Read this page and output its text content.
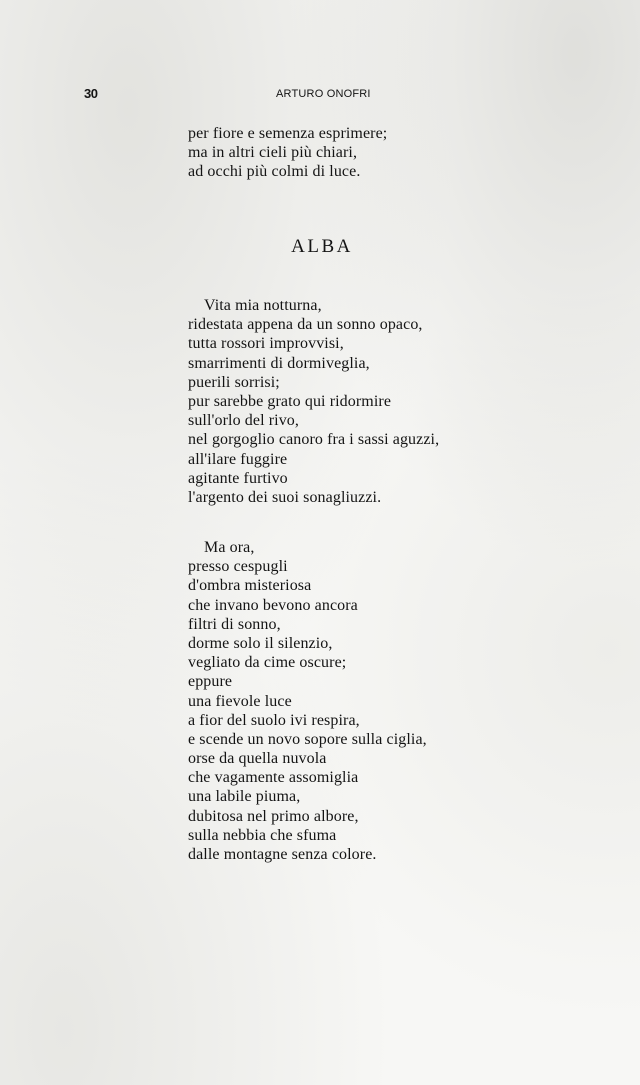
30	ARTURO ONOFRI
per fiore e semenza esprimere;
ma in altri cieli più chiari,
ad occhi più colmi di luce.
ALBA
Vita mia notturna,
ridestata appena da un sonno opaco,
tutta rossori improvvisi,
smarrimenti di dormiveglia,
puerili sorrisi;
pur sarebbe grato qui ridormire
sull'orlo del rivo,
nel gorgoglio canoro fra i sassi aguzzi,
all'ilare fuggire
agitante furtivo
l'argento dei suoi sonagliuzzi.
Ma ora,
presso cespugli
d'ombra misteriosa
che invano bevono ancora
filtri di sonno,
dorme solo il silenzio,
vegliato da cime oscure;
eppure
una fievole luce
a fior del suolo ivi respira,
e scende un novo sopore sulla ciglia,
orse da quella nuvola
che vagamente assomiglia
una labile piuma,
dubitosa nel primo albore,
sulla nebbia che sfuma
dalle montagne senza colore.
